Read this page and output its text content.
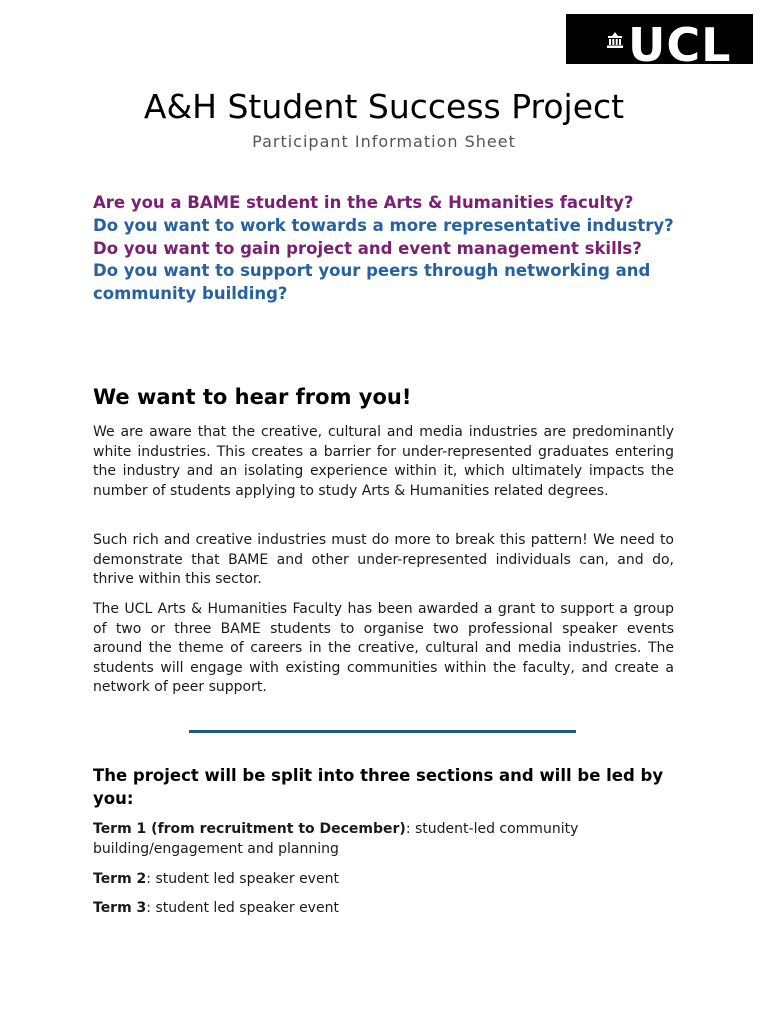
UCL
A&H Student Success Project
Participant Information Sheet
Are you a BAME student in the Arts & Humanities faculty?
Do you want to work towards a more representative industry?
Do you want to gain project and event management skills?
Do you want to support your peers through networking and community building?
We want to hear from you!

We are aware that the creative, cultural and media industries are predominantly white industries. This creates a barrier for under-represented graduates entering the industry and an isolating experience within it, which ultimately impacts the number of students applying to study Arts & Humanities related degrees.

Such rich and creative industries must do more to break this pattern! We need to demonstrate that BAME and other under-represented individuals can, and do, thrive within this sector.

The UCL Arts & Humanities Faculty has been awarded a grant to support a group of two or three BAME students to organise two professional speaker events around the theme of careers in the creative, cultural and media industries. The students will engage with existing communities within the faculty, and create a network of peer support.

The project will be split into three sections and will be led by you:
Term 1 (from recruitment to December): student-led community building/engagement and planning
Term 2: student led speaker event
Term 3: student led speaker event
